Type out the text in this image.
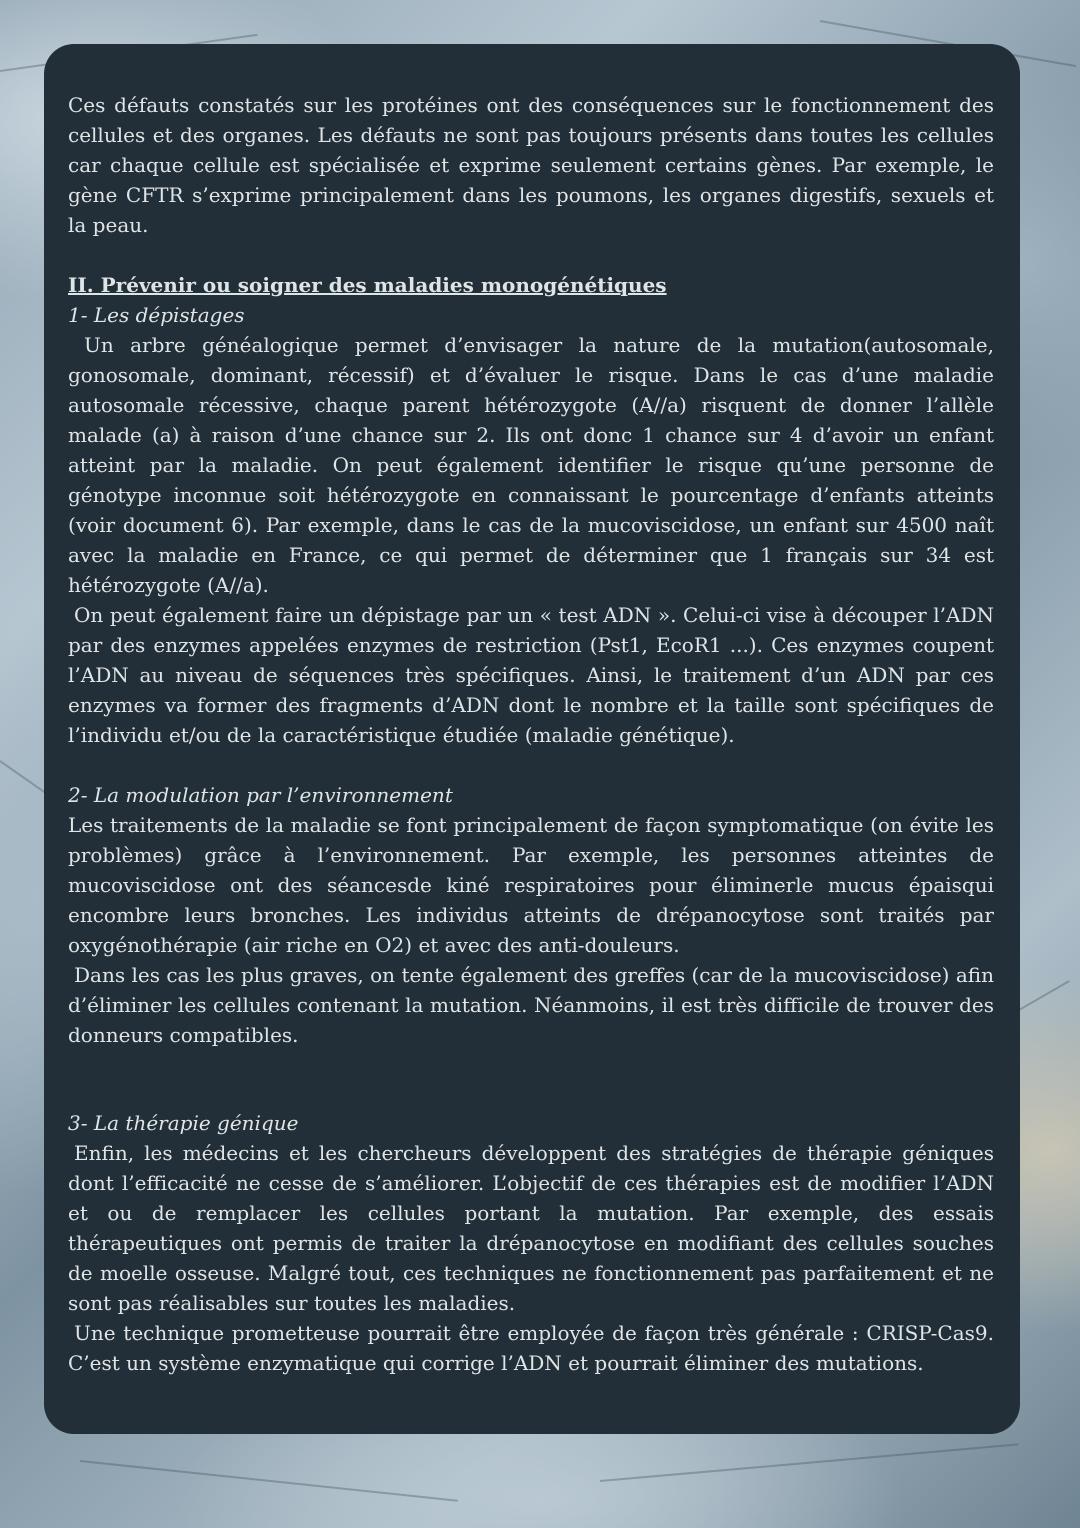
Ces défauts constatés sur les protéines ont des conséquences sur le fonctionnement des cellules et des organes. Les défauts ne sont pas toujours présents dans toutes les cellules car chaque cellule est spécialisée et exprime seulement certains gènes. Par exemple, le gène CFTR s’exprime principalement dans les poumons, les organes digestifs, sexuels et la peau.

II. Prévenir ou soigner des maladies monogénétiques

1- Les dépistages

Un arbre généalogique permet d’envisager la nature de la mutation(autosomale, gonosomale, dominant, récessif) et d’évaluer le risque. Dans le cas d’une maladie autosomale récessive, chaque parent hétérozygote (A//a) risquent de donner l’allèle malade (a) à raison d’une chance sur 2. Ils ont donc 1 chance sur 4 d’avoir un enfant atteint par la maladie. On peut également identifier le risque qu’une personne de génotype inconnue soit hétérozygote en connaissant le pourcentage d’enfants atteints (voir document 6). Par exemple, dans le cas de la mucoviscidose, un enfant sur 4500 naît avec la maladie en France, ce qui permet de déterminer que 1 français sur 34 est hétérozygote (A//a).

On peut également faire un dépistage par un « test ADN ». Celui-ci vise à découper l’ADN par des enzymes appelées enzymes de restriction (Pst1, EcoR1 ...). Ces enzymes coupent l’ADN au niveau de séquences très spécifiques. Ainsi, le traitement d’un ADN par ces enzymes va former des fragments d’ADN dont le nombre et la taille sont spécifiques de l’individu et/ou de la caractéristique étudiée (maladie génétique).

2- La modulation par l’environnement

Les traitements de la maladie se font principalement de façon symptomatique (on évite les problèmes) grâce à l’environnement. Par exemple, les personnes atteintes de mucoviscidose ont des séancesde kiné respiratoires pour éliminerle mucus épaisqui encombre leurs bronches. Les individus atteints de drépanocytose sont traités par oxygénothérapie (air riche en O2) et avec des anti-douleurs.

Dans les cas les plus graves, on tente également des greffes (car de la mucoviscidose) afin d’éliminer les cellules contenant la mutation. Néanmoins, il est très difficile de trouver des donneurs compatibles.

3- La thérapie génique

Enfin, les médecins et les chercheurs développent des stratégies de thérapie géniques dont l’efficacité ne cesse de s’améliorer. L’objectif de ces thérapies est de modifier l’ADN et ou de remplacer les cellules portant la mutation. Par exemple, des essais thérapeutiques ont permis de traiter la drépanocytose en modifiant des cellules souches de moelle osseuse. Malgré tout, ces techniques ne fonctionnement pas parfaitement et ne sont pas réalisables sur toutes les maladies.

Une technique prometteuse pourrait être employée de façon très générale : CRISP-Cas9. C’est un système enzymatique qui corrige l’ADN et pourrait éliminer des mutations.
